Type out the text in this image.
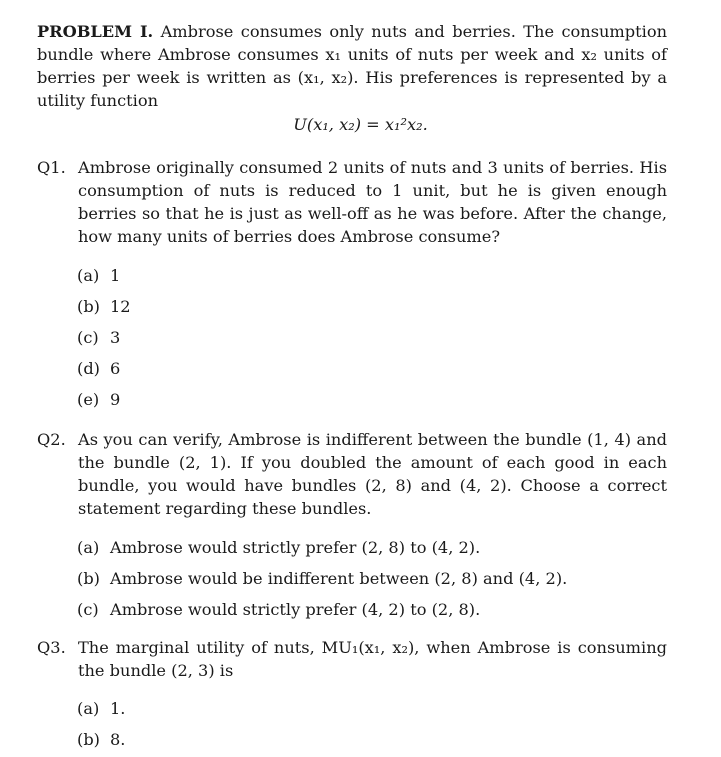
PROBLEM I. Ambrose consumes only nuts and berries. The consumption bundle where Ambrose consumes x₁ units of nuts per week and x₂ units of berries per week is written as (x₁, x₂). His preferences is represented by a utility function
U(x₁, x₂) = x₁²x₂.
Q1. Ambrose originally consumed 2 units of nuts and 3 units of berries. His consumption of nuts is reduced to 1 unit, but he is given enough berries so that he is just as well-off as he was before. After the change, how many units of berries does Ambrose consume?
(a) 1
(b) 12
(c) 3
(d) 6
(e) 9
Q2. As you can verify, Ambrose is indifferent between the bundle (1, 4) and the bundle (2, 1). If you doubled the amount of each good in each bundle, you would have bundles (2, 8) and (4, 2). Choose a correct statement regarding these bundles.
(a) Ambrose would strictly prefer (2, 8) to (4, 2).
(b) Ambrose would be indifferent between (2, 8) and (4, 2).
(c) Ambrose would strictly prefer (4, 2) to (2, 8).
Q3. The marginal utility of nuts, MU₁(x₁, x₂), when Ambrose is consuming the bundle (2, 3) is
(a) 1.
(b) 8.
